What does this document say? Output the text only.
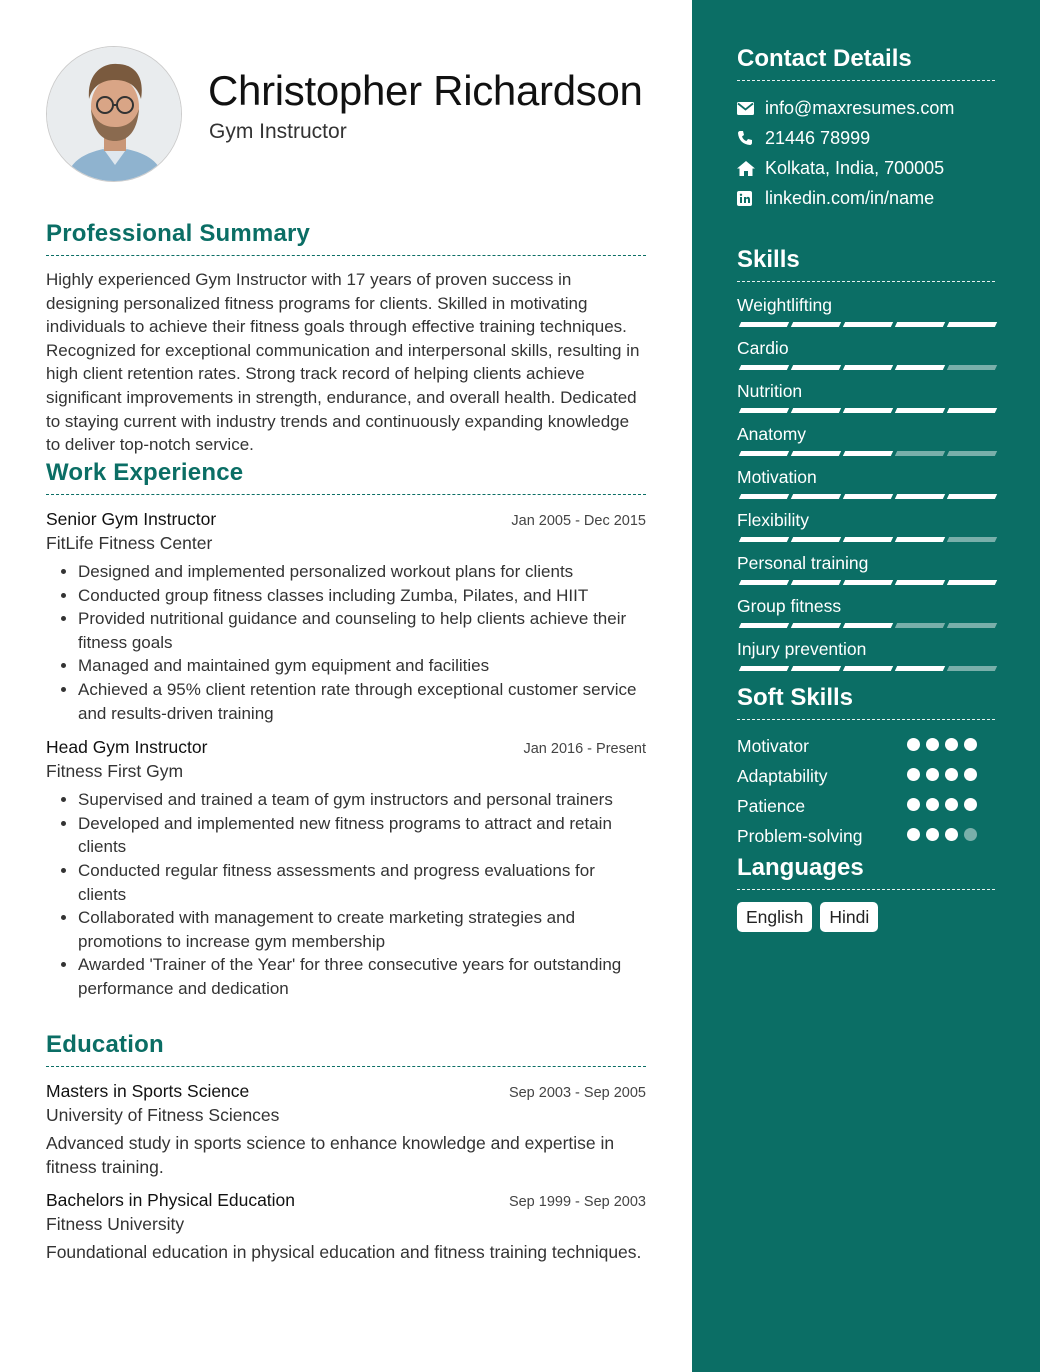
Christopher Richardson
Gym Instructor
Professional Summary
Highly experienced Gym Instructor with 17 years of proven success in designing personalized fitness programs for clients. Skilled in motivating individuals to achieve their fitness goals through effective training techniques. Recognized for exceptional communication and interpersonal skills, resulting in high client retention rates. Strong track record of helping clients achieve significant improvements in strength, endurance, and overall health. Dedicated to staying current with industry trends and continuously expanding knowledge to deliver top-notch service.
Work Experience
Senior Gym Instructor	Jan 2005 - Dec 2015
FitLife Fitness Center
• Designed and implemented personalized workout plans for clients
• Conducted group fitness classes including Zumba, Pilates, and HIIT
• Provided nutritional guidance and counseling to help clients achieve their fitness goals
• Managed and maintained gym equipment and facilities
• Achieved a 95% client retention rate through exceptional customer service and results-driven training
Head Gym Instructor	Jan 2016 - Present
Fitness First Gym
• Supervised and trained a team of gym instructors and personal trainers
• Developed and implemented new fitness programs to attract and retain clients
• Conducted regular fitness assessments and progress evaluations for clients
• Collaborated with management to create marketing strategies and promotions to increase gym membership
• Awarded 'Trainer of the Year' for three consecutive years for outstanding performance and dedication
Education
Masters in Sports Science	Sep 2003 - Sep 2005
University of Fitness Sciences
Advanced study in sports science to enhance knowledge and expertise in fitness training.
Bachelors in Physical Education	Sep 1999 - Sep 2003
Fitness University
Foundational education in physical education and fitness training techniques.
Contact Details
info@maxresumes.com
21446 78999
Kolkata, India, 700005
linkedin.com/in/name
Skills
Weightlifting
Cardio
Nutrition
Anatomy
Motivation
Flexibility
Personal training
Group fitness
Injury prevention
Soft Skills
Motivator
Adaptability
Patience
Problem-solving
Languages
English	Hindi
